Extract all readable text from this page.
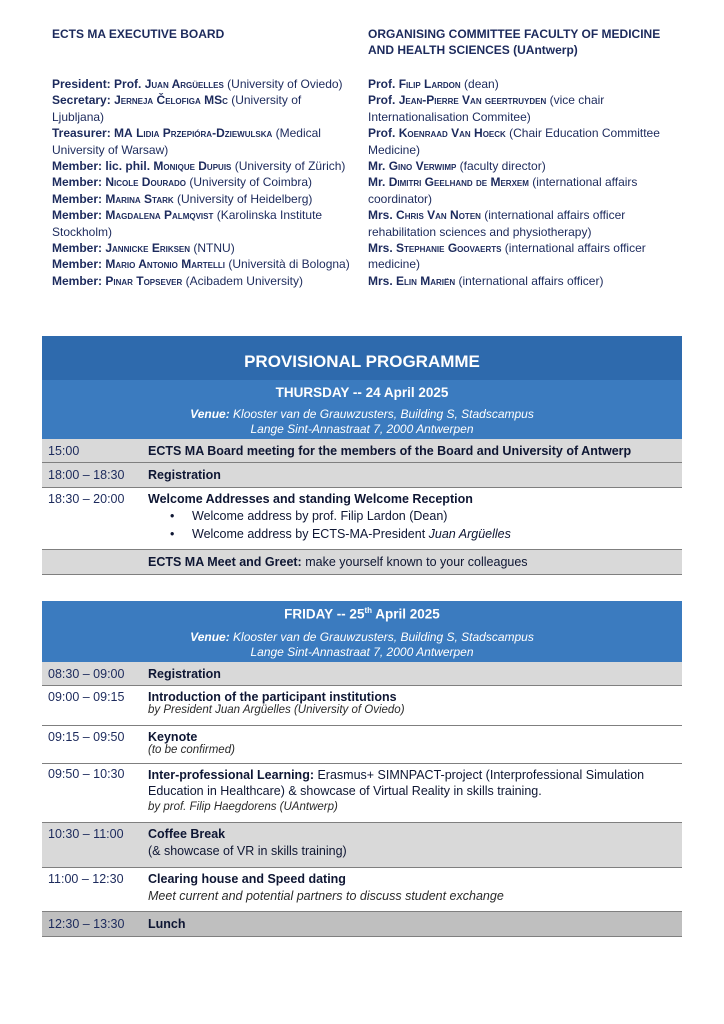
ECTS MA EXECUTIVE BOARD
President: Prof. Juan Argüelles (University of Oviedo)
Secretary: Jerneja Čelofiga MSc (University of Ljubljana)
Treasurer: MA Lidia Przepióra-Dziewulska (Medical University of Warsaw)
Member: lic. phil. Monique Dupuis (University of Zürich)
Member: Nicole Dourado (University of Coimbra)
Member: Marina Stark (University of Heidelberg)
Member: Magdalena Palmqvist (Karolinska Institute Stockholm)
Member: Jannicke Eriksen (NTNU)
Member: Mario Antonio Martelli (Università di Bologna)
Member: Pinar Topsever (Acibadem University)
ORGANISING COMMITTEE FACULTY OF MEDICINE AND HEALTH SCIENCES (UAntwerp)
Prof. Filip Lardon (dean)
Prof. Jean-Pierre Van geertruyden (vice chair Internationalisation Commitee)
Prof. Koenraad Van Hoeck (Chair Education Committee Medicine)
Mr. Gino Verwimp (faculty director)
Mr. Dimitri Geelhand de Merxem (international affairs coordinator)
Mrs. Chris Van Noten (international affairs officer rehabilitation sciences and physiotherapy)
Mrs. Stephanie Goovaerts (international affairs officer medicine)
Mrs. Elin Mariën (international affairs officer)
PROVISIONAL PROGRAMME
THURSDAY -- 24 April 2025
Venue: Klooster van de Grauwzusters, Building S, Stadscampus
Lange Sint-Annastraat 7, 2000 Antwerpen
15:00	ECTS MA Board meeting for the members of the Board and University of Antwerp
18:00 – 18:30	Registration
18:30 – 20:00	Welcome Addresses and standing Welcome Reception
• Welcome address by prof. Filip Lardon (Dean)
• Welcome address by ECTS-MA-President Juan Argüelles
ECTS MA Meet and Greet: make yourself known to your colleagues
FRIDAY -- 25th April 2025
Venue: Klooster van de Grauwzusters, Building S, Stadscampus
Lange Sint-Annastraat 7, 2000 Antwerpen
08:30 – 09:00	Registration
09:00 – 09:15	Introduction of the participant institutions
by President Juan Argüelles (University of Oviedo)
09:15 – 09:50	Keynote
(to be confirmed)
09:50 – 10:30	Inter-professional Learning: Erasmus+ SIMNPACT-project (Interprofessional Simulation Education in Healthcare) & showcase of Virtual Reality in skills training.
by prof. Filip Haegdorens (UAntwerp)
10:30 – 11:00	Coffee Break
(& showcase of VR in skills training)
11:00 – 12:30	Clearing house and Speed dating
Meet current and potential partners to discuss student exchange
12:30 – 13:30	Lunch
